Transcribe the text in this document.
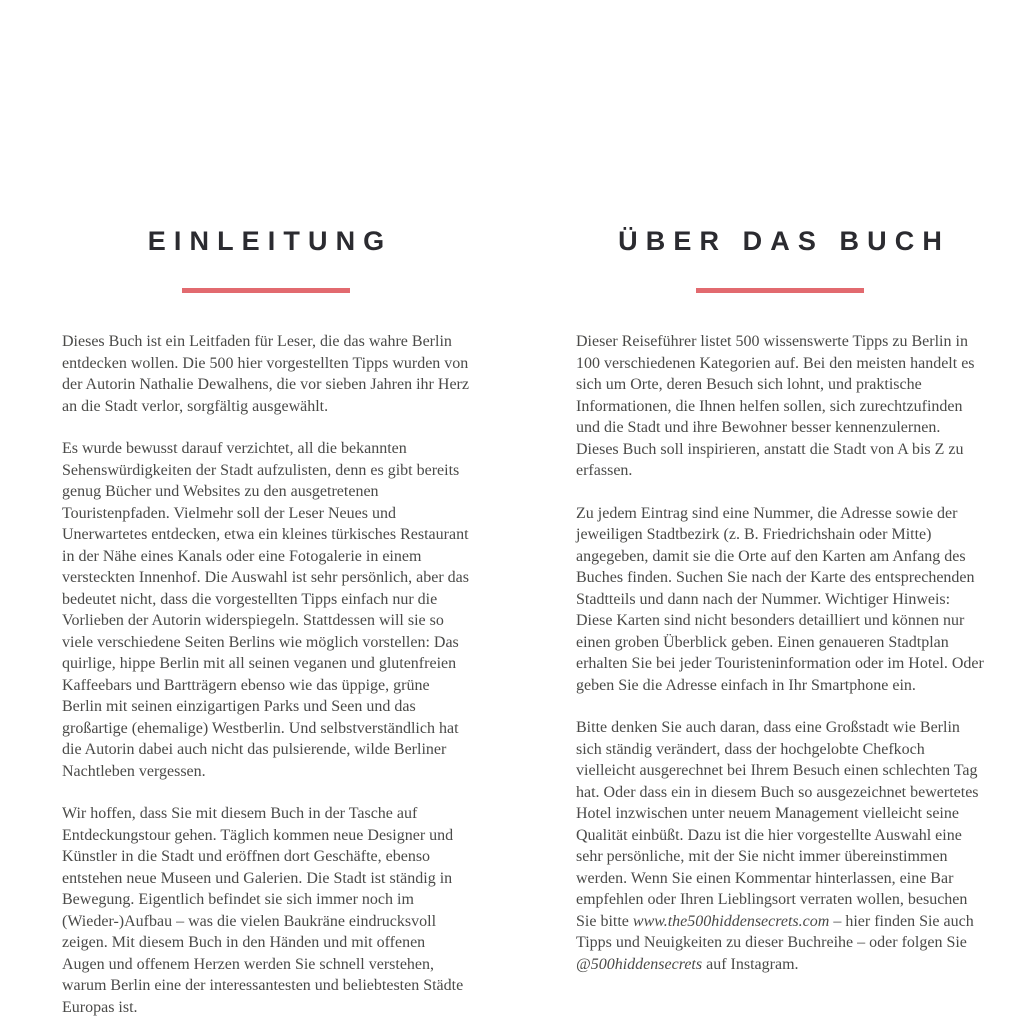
EINLEITUNG

Dieses Buch ist ein Leitfaden für Leser, die das wahre Berlin entdecken wollen. Die 500 hier vorgestellten Tipps wurden von der Autorin Nathalie Dewalhens, die vor sieben Jahren ihr Herz an die Stadt verlor, sorgfältig ausgewählt.

Es wurde bewusst darauf verzichtet, all die bekannten Sehenswürdigkeiten der Stadt aufzulisten, denn es gibt bereits genug Bücher und Websites zu den ausgetretenen Touristenpfaden. Vielmehr soll der Leser Neues und Unerwartetes entdecken, etwa ein kleines türkisches Restaurant in der Nähe eines Kanals oder eine Fotogalerie in einem versteckten Innenhof. Die Auswahl ist sehr persönlich, aber das bedeutet nicht, dass die vorgestellten Tipps einfach nur die Vorlieben der Autorin widerspiegeln. Stattdessen will sie so viele verschiedene Seiten Berlins wie möglich vorstellen: Das quirlige, hippe Berlin mit all seinen veganen und glutenfreien Kaffeebars und Bartträgern ebenso wie das üppige, grüne Berlin mit seinen einzigartigen Parks und Seen und das großartige (ehemalige) Westberlin. Und selbstverständlich hat die Autorin dabei auch nicht das pulsierende, wilde Berliner Nachtleben vergessen.

Wir hoffen, dass Sie mit diesem Buch in der Tasche auf Entdeckungstour gehen. Täglich kommen neue Designer und Künstler in die Stadt und eröffnen dort Geschäfte, ebenso entstehen neue Museen und Galerien. Die Stadt ist ständig in Bewegung. Eigentlich befindet sie sich immer noch im (Wieder-)Aufbau – was die vielen Baukräne eindrucksvoll zeigen. Mit diesem Buch in den Händen und mit offenen Augen und offenem Herzen werden Sie schnell verstehen, warum Berlin eine der interessantesten und beliebtesten Städte Europas ist.

ÜBER DAS BUCH

Dieser Reiseführer listet 500 wissenswerte Tipps zu Berlin in 100 verschiedenen Kategorien auf. Bei den meisten handelt es sich um Orte, deren Besuch sich lohnt, und praktische Informationen, die Ihnen helfen sollen, sich zurechtzufinden und die Stadt und ihre Bewohner besser kennenzulernen. Dieses Buch soll inspirieren, anstatt die Stadt von A bis Z zu erfassen.

Zu jedem Eintrag sind eine Nummer, die Adresse sowie der jeweiligen Stadtbezirk (z. B. Friedrichshain oder Mitte) angegeben, damit sie die Orte auf den Karten am Anfang des Buches finden. Suchen Sie nach der Karte des entsprechenden Stadtteils und dann nach der Nummer. Wichtiger Hinweis: Diese Karten sind nicht besonders detailliert und können nur einen groben Überblick geben. Einen genaueren Stadtplan erhalten Sie bei jeder Touristeninformation oder im Hotel. Oder geben Sie die Adresse einfach in Ihr Smartphone ein.

Bitte denken Sie auch daran, dass eine Großstadt wie Berlin sich ständig verändert, dass der hochgelobte Chefkoch vielleicht ausgerechnet bei Ihrem Besuch einen schlechten Tag hat. Oder dass ein in diesem Buch so ausgezeichnet bewertetes Hotel inzwischen unter neuem Management vielleicht seine Qualität einbüßt. Dazu ist die hier vorgestellte Auswahl eine sehr persönliche, mit der Sie nicht immer übereinstimmen werden. Wenn Sie einen Kommentar hinterlassen, eine Bar empfehlen oder Ihren Lieblingsort verraten wollen, besuchen Sie bitte www.the500hiddensecrets.com – hier finden Sie auch Tipps und Neuigkeiten zu dieser Buchreihe – oder folgen Sie @500hiddensecrets auf Instagram.
